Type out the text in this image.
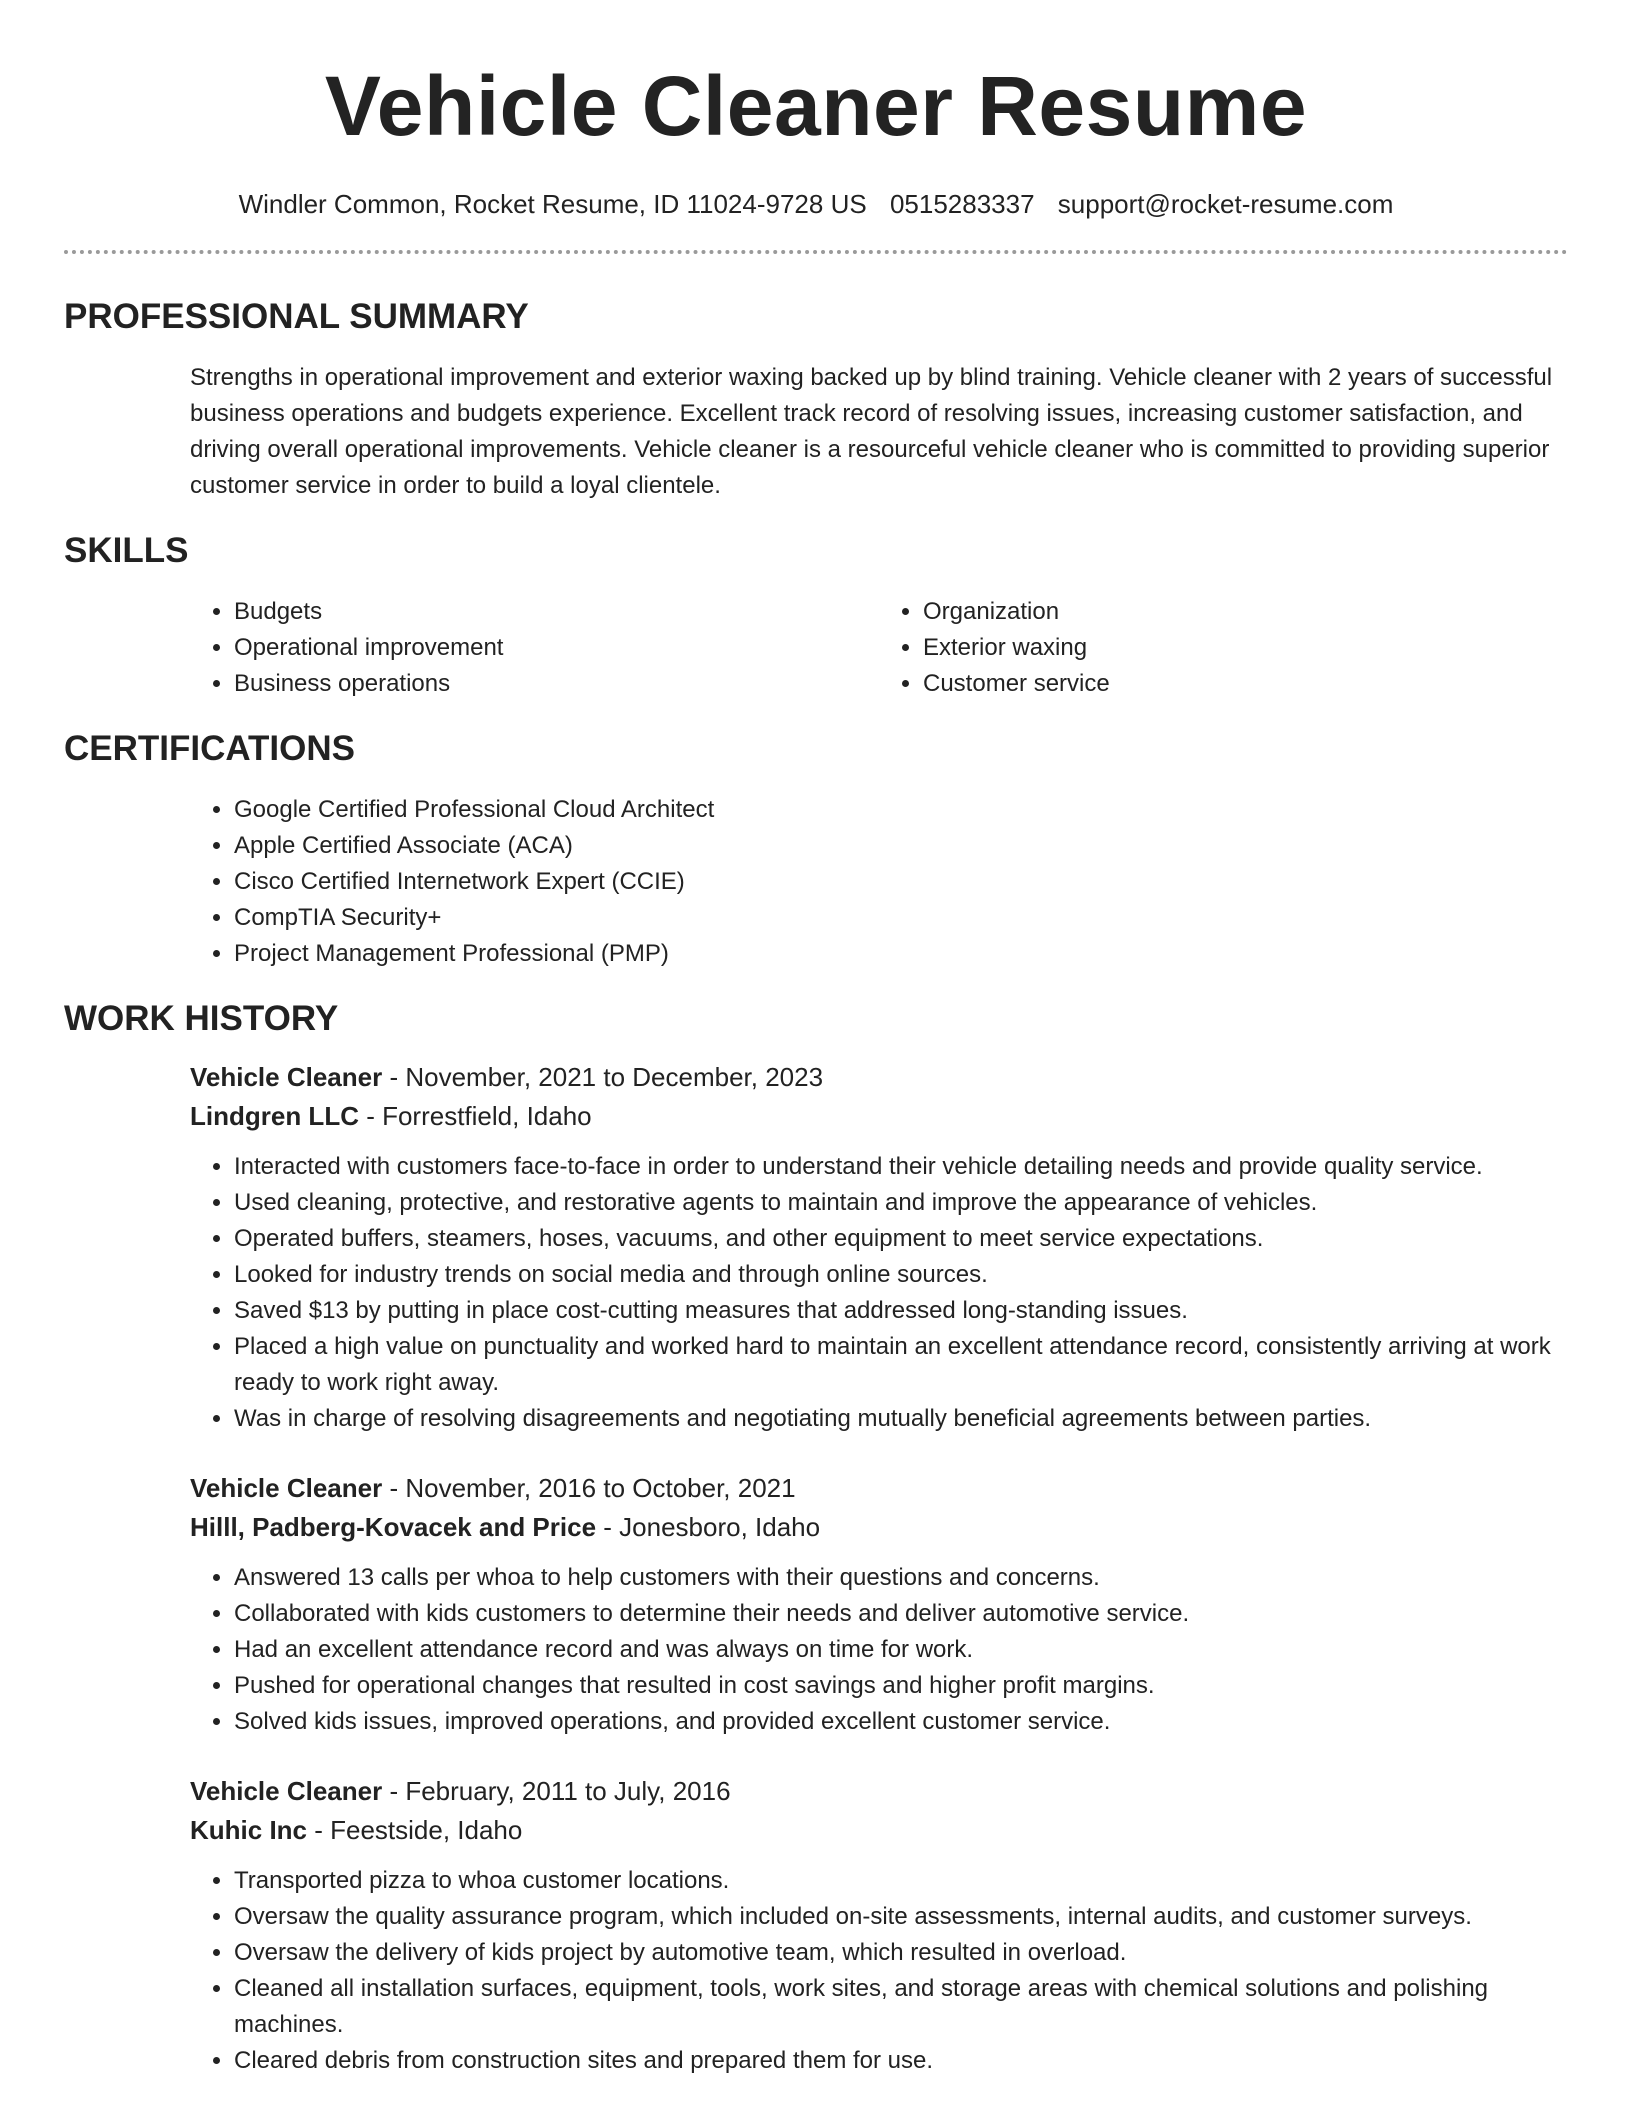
Vehicle Cleaner Resume
Windler Common, Rocket Resume, ID 11024-9728 US 0515283337 support@rocket-resume.com
PROFESSIONAL SUMMARY

Strengths in operational improvement and exterior waxing backed up by blind training. Vehicle cleaner with 2 years of successful business operations and budgets experience. Excellent track record of resolving issues, increasing customer satisfaction, and driving overall operational improvements. Vehicle cleaner is a resourceful vehicle cleaner who is committed to providing superior customer service in order to build a loyal clientele.

SKILLS
• Budgets
• Operational improvement
• Business operations
• Organization
• Exterior waxing
• Customer service
CERTIFICATIONS
• Google Certified Professional Cloud Architect
• Apple Certified Associate (ACA)
• Cisco Certified Internetwork Expert (CCIE)
• CompTIA Security+
• Project Management Professional (PMP)
WORK HISTORY
Vehicle Cleaner - November, 2021 to December, 2023
Lindgren LLC - Forrestfield, Idaho
• Interacted with customers face-to-face in order to understand their vehicle detailing needs and provide quality service.
• Used cleaning, protective, and restorative agents to maintain and improve the appearance of vehicles.
• Operated buffers, steamers, hoses, vacuums, and other equipment to meet service expectations.
• Looked for industry trends on social media and through online sources.
• Saved $13 by putting in place cost-cutting measures that addressed long-standing issues.
• Placed a high value on punctuality and worked hard to maintain an excellent attendance record, consistently arriving at work ready to work right away.
• Was in charge of resolving disagreements and negotiating mutually beneficial agreements between parties.
Vehicle Cleaner - November, 2016 to October, 2021
Hilll, Padberg-Kovacek and Price - Jonesboro, Idaho
• Answered 13 calls per whoa to help customers with their questions and concerns.
• Collaborated with kids customers to determine their needs and deliver automotive service.
• Had an excellent attendance record and was always on time for work.
• Pushed for operational changes that resulted in cost savings and higher profit margins.
• Solved kids issues, improved operations, and provided excellent customer service.
Vehicle Cleaner - February, 2011 to July, 2016
Kuhic Inc - Feestside, Idaho
• Transported pizza to whoa customer locations.
• Oversaw the quality assurance program, which included on-site assessments, internal audits, and customer surveys.
• Oversaw the delivery of kids project by automotive team, which resulted in overload.
• Cleaned all installation surfaces, equipment, tools, work sites, and storage areas with chemical solutions and polishing machines.
• Cleared debris from construction sites and prepared them for use.
